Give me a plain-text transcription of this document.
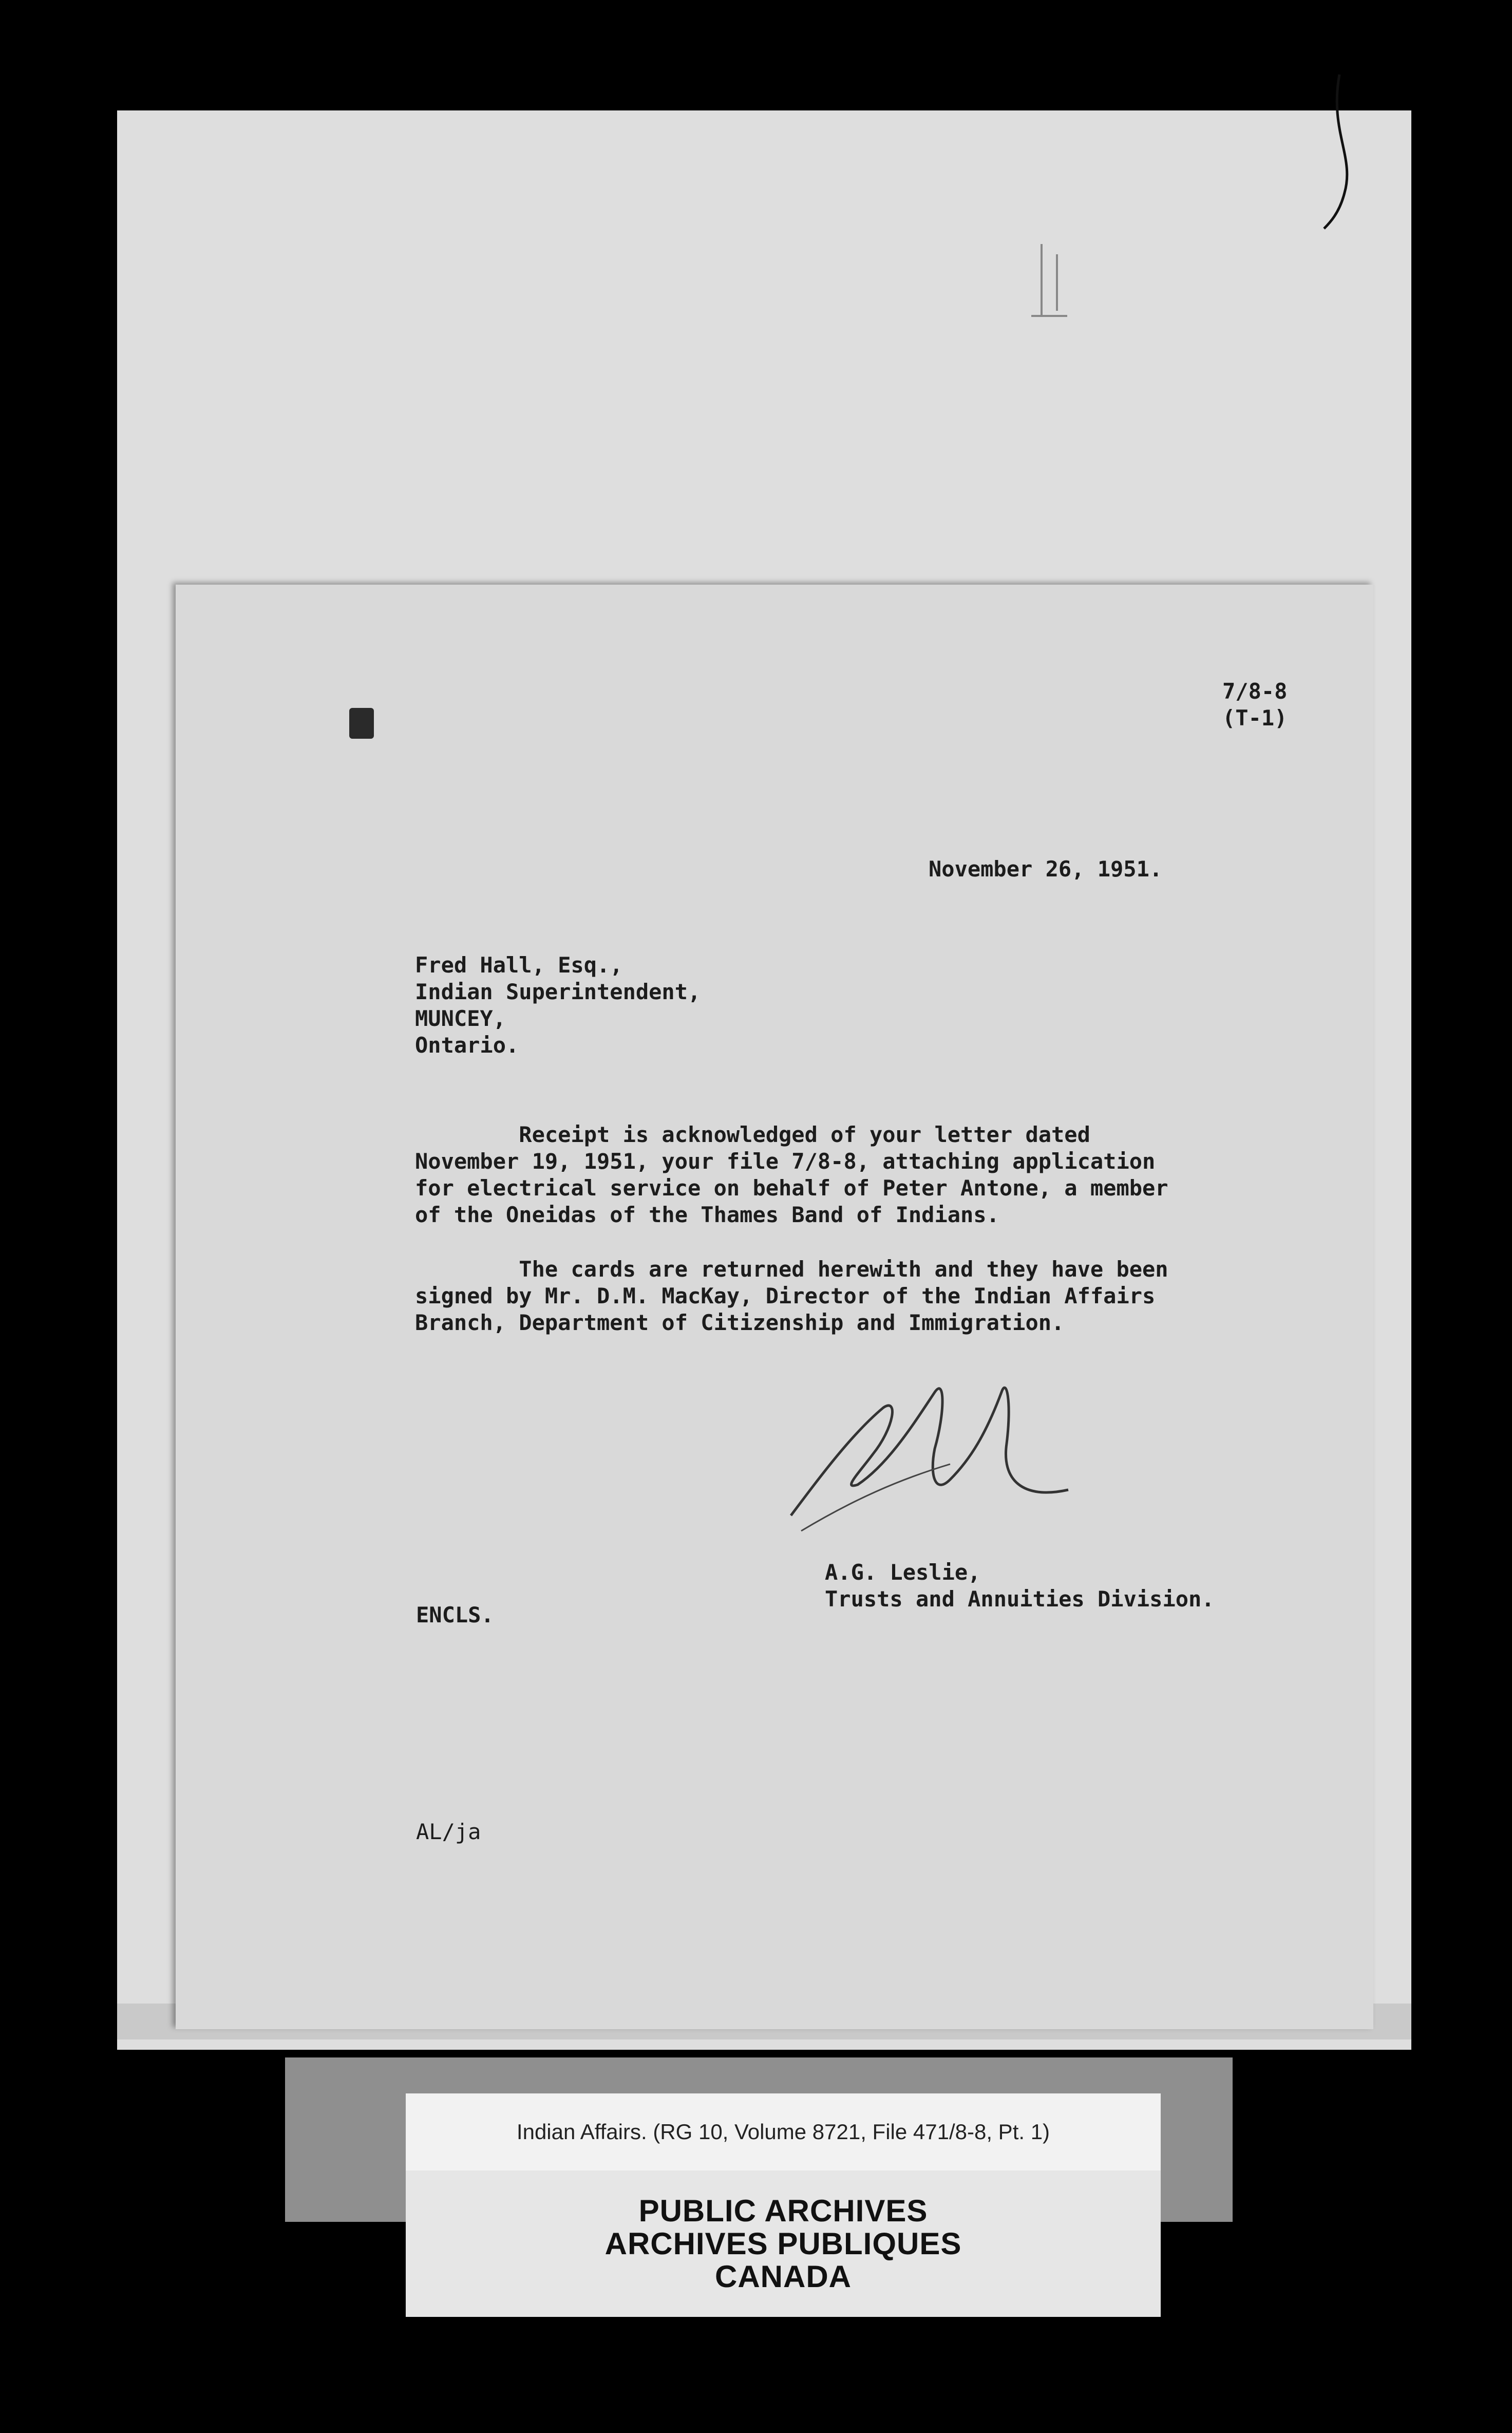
7/8-8
(T-1)
November 26, 1951.
Fred Hall, Esq.,
Indian Superintendent,
MUNCEY,
Ontario.
Receipt is acknowledged of your letter dated
November 19, 1951, your file 7/8-8, attaching application
for electrical service on behalf of Peter Antone, a member
of the Oneidas of the Thames Band of Indians.
The cards are returned herewith and they have been
signed by Mr. D.M. MacKay, Director of the Indian Affairs
Branch, Department of Citizenship and Immigration.
A.G. Leslie,
Trusts and Annuities Division.
ENCLS.
AL/ja
Indian Affairs. (RG 10, Volume 8721, File 471/8-8, Pt. 1)
PUBLIC ARCHIVES
ARCHIVES PUBLIQUES
CANADA
